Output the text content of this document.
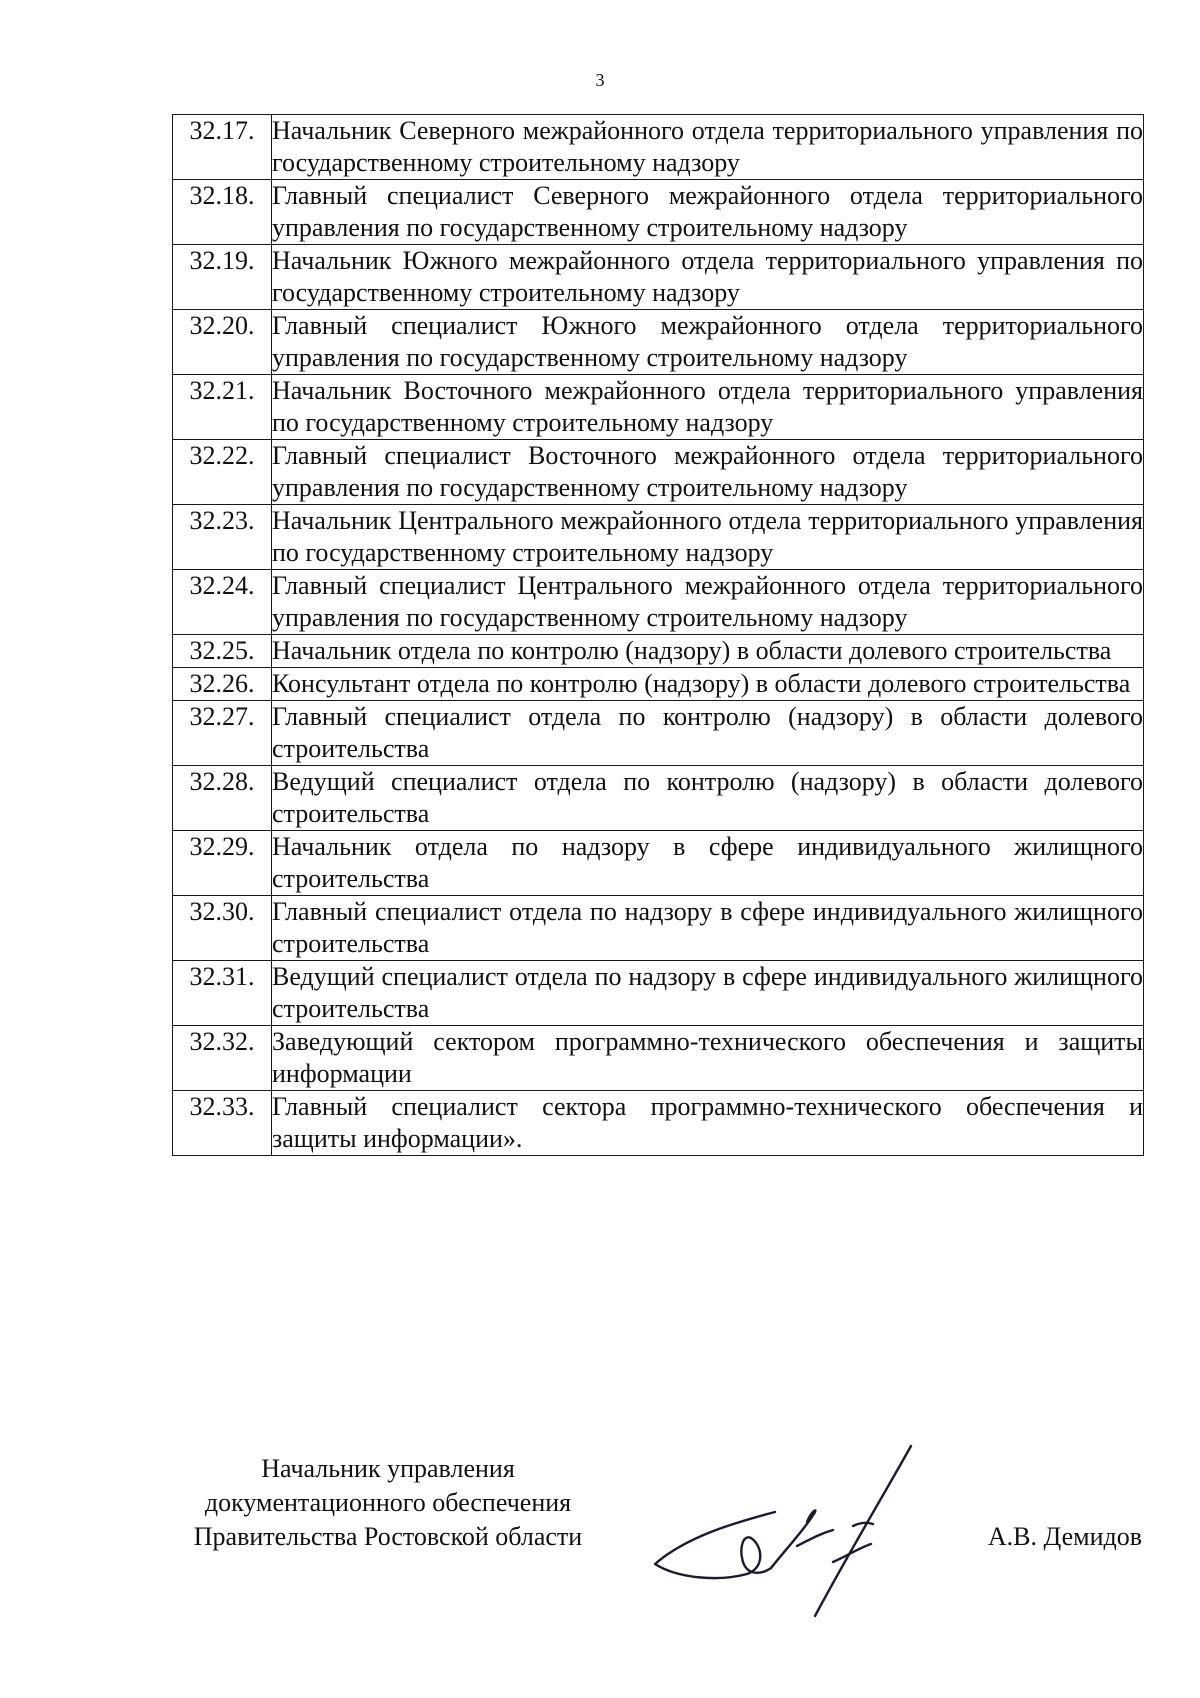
3
32.17.	Начальник Северного межрайонного отдела территориального управления по государственному строительному надзору
32.18.	Главный специалист Северного межрайонного отдела территориального управления по государственному строительному надзору
32.19.	Начальник Южного межрайонного отдела территориального управления по государственному строительному надзору
32.20.	Главный специалист Южного межрайонного отдела территориального управления по государственному строительному надзору
32.21.	Начальник Восточного межрайонного отдела территориального управления по государственному строительному надзору
32.22.	Главный специалист Восточного межрайонного отдела территориального управления по государственному строительному надзору
32.23.	Начальник Центрального межрайонного отдела территориального управления по государственному строительному надзору
32.24.	Главный специалист Центрального межрайонного отдела территориального управления по государственному строительному надзору
32.25.	Начальник отдела по контролю (надзору) в области долевого строительства
32.26.	Консультант отдела по контролю (надзору) в области долевого строительства
32.27.	Главный специалист отдела по контролю (надзору) в области долевого строительства
32.28.	Ведущий специалист отдела по контролю (надзору) в области долевого строительства
32.29.	Начальник отдела по надзору в сфере индивидуального жилищного строительства
32.30.	Главный специалист отдела по надзору в сфере индивидуального жилищного строительства
32.31.	Ведущий специалист отдела по надзору в сфере индивидуального жилищного строительства
32.32.	Заведующий сектором программно-технического обеспечения и защиты информации
32.33.	Главный специалист сектора программно-технического обеспечения и защиты информации».
Начальник управления
документационного обеспечения
Правительства Ростовской области	А.В. Демидов
